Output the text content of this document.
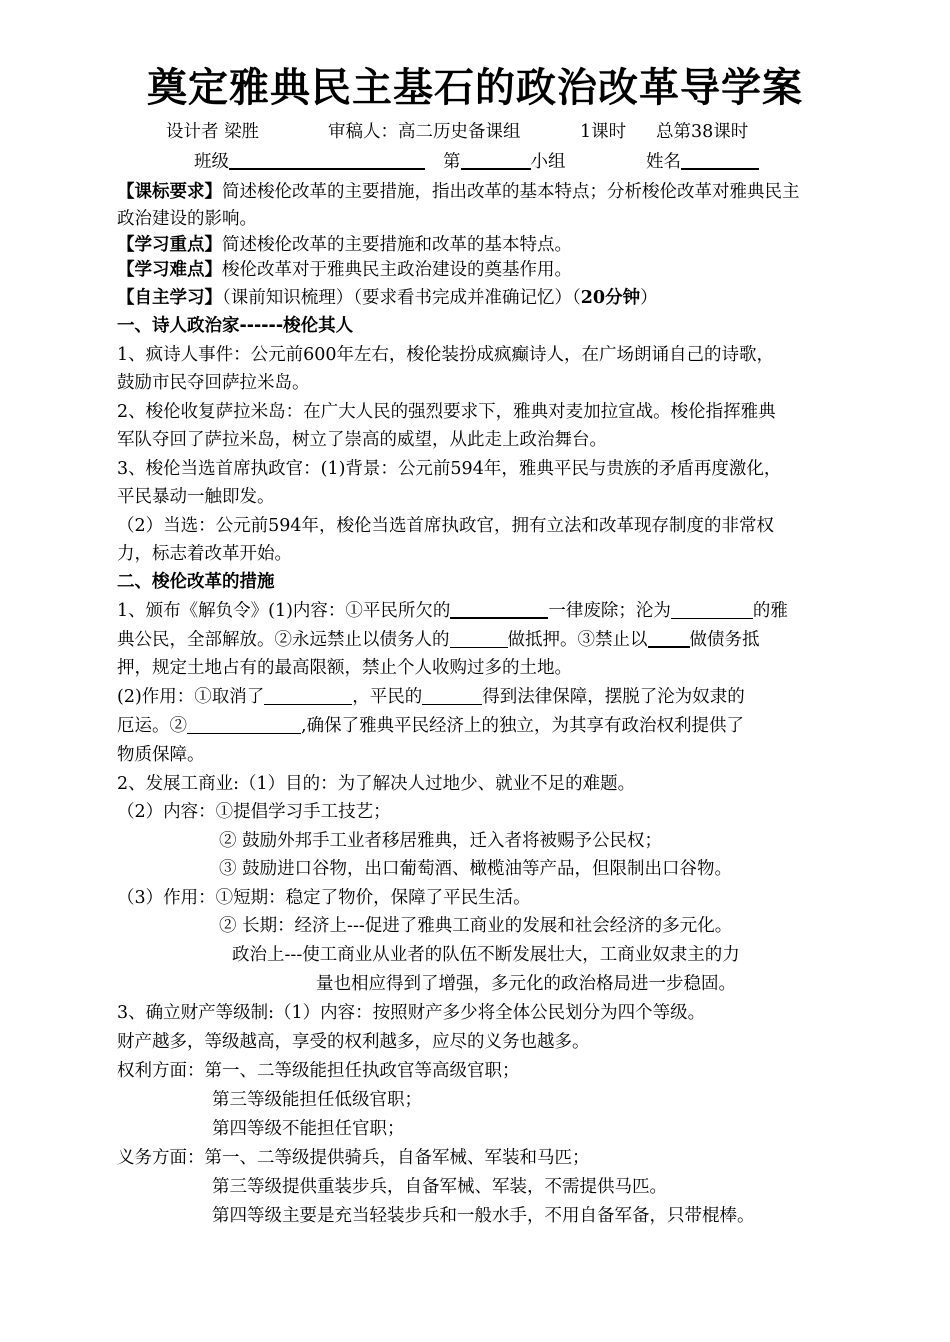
奠定雅典民主基石的政治改革导学案
设计者 梁胜	审稿人：高二历史备课组	1课时 总第38课时
班级	第	小组	姓名
【课标要求】简述梭伦改革的主要措施，指出改革的基本特点；分析梭伦改革对雅典民主
政治建设的影响。
【学习重点】简述梭伦改革的主要措施和改革的基本特点。
【学习难点】梭伦改革对于雅典民主政治建设的奠基作用。
【自主学习】（课前知识梳理）（要求看书完成并准确记忆）（20分钟）
一、诗人政治家------梭伦其人
1、疯诗人事件：公元前600年左右，梭伦装扮成疯癫诗人，在广场朗诵自己的诗歌，
鼓励市民夺回萨拉米岛。
2、梭伦收复萨拉米岛：在广大人民的强烈要求下，雅典对麦加拉宣战。梭伦指挥雅典
军队夺回了萨拉米岛，树立了崇高的威望，从此走上政治舞台。
3、梭伦当选首席执政官：(1)背景：公元前594年，雅典平民与贵族的矛盾再度激化，
平民暴动一触即发。
（2）当选：公元前594年，梭伦当选首席执政官，拥有立法和改革现存制度的非常权
力，标志着改革开始。
二、梭伦改革的措施
1、颁布《解负令》(1)内容：①平民所欠的	一律废除；沦为	的雅
典公民，全部解放。②永远禁止以债务人的	做抵押。③禁止以 做债务抵
押，规定土地占有的最高限额，禁止个人收购过多的土地。
(2)作用：①取消了	，平民的	得到法律保障，摆脱了沦为奴隶的
厄运。②	,确保了雅典平民经济上的独立，为其享有政治权利提供了
物质保障。
2、发展工商业:（1）目的：为了解决人过地少、就业不足的难题。
（2）内容：①提倡学习手工技艺；
② 鼓励外邦手工业者移居雅典，迁入者将被赐予公民权；
③ 鼓励进口谷物，出口葡萄酒、橄榄油等产品，但限制出口谷物。
（3）作用：①短期：稳定了物价，保障了平民生活。
② 长期：经济上---促进了雅典工商业的发展和社会经济的多元化。
政治上---使工商业从业者的队伍不断发展壮大，工商业奴隶主的力
量也相应得到了增强，多元化的政治格局进一步稳固。
3、确立财产等级制:（1）内容：按照财产多少将全体公民划分为四个等级。
财产越多，等级越高，享受的权利越多，应尽的义务也越多。
权利方面：第一、二等级能担任执政官等高级官职；
第三等级能担任低级官职；
第四等级不能担任官职；
义务方面：第一、二等级提供骑兵，自备军械、军装和马匹；
第三等级提供重装步兵，自备军械、军装，不需提供马匹。
第四等级主要是充当轻装步兵和一般水手，不用自备军备，只带棍棒。
